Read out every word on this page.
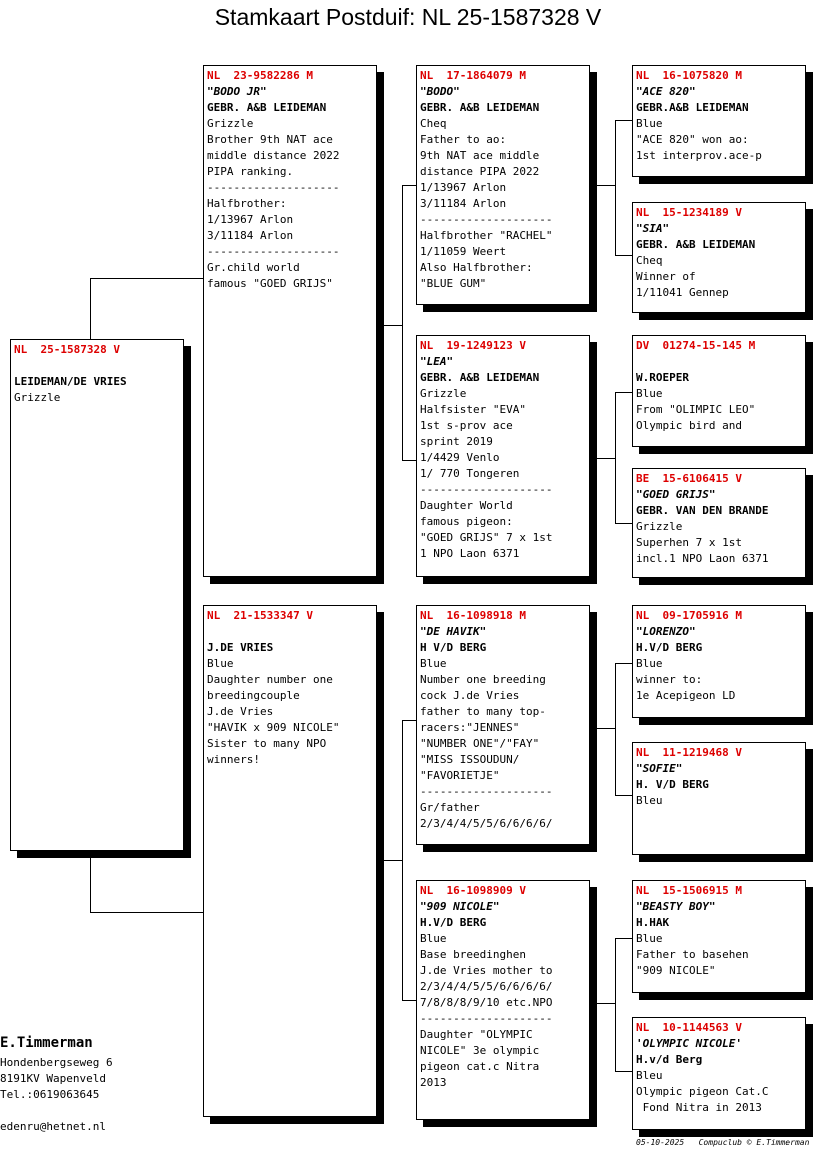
Stamkaart Postduif: NL 25-1587328 V
NL  25-1587328 V

LEIDEMAN/DE VRIES
Grizzle
NL  23-9582286 M
"BODO JR"
GEBR. A&B LEIDEMAN
Grizzle
Brother 9th NAT ace
middle distance 2022
PIPA ranking.
--------------------
Halfbrother:
1/13967 Arlon
3/11184 Arlon
--------------------
Gr.child world
famous "GOED GRIJS"
NL  21-1533347 V

J.DE VRIES
Blue
Daughter number one
breedingcouple
J.de Vries
"HAVIK x 909 NICOLE"
Sister to many NPO
winners!
NL  17-1864079 M
"BODO"
GEBR. A&B LEIDEMAN
Cheq
Father to ao:
9th NAT ace middle
distance PIPA 2022
1/13967 Arlon
3/11184 Arlon
--------------------
Halfbrother "RACHEL"
1/11059 Weert
Also Halfbrother:
"BLUE GUM"
NL  19-1249123 V
"LEA"
GEBR. A&B LEIDEMAN
Grizzle
Halfsister "EVA"
1st s-prov ace
sprint 2019
1/4429 Venlo
1/ 770 Tongeren
--------------------
Daughter World
famous pigeon:
"GOED GRIJS" 7 x 1st
1 NPO Laon 6371
NL  16-1098918 M
"DE HAVIK"
H V/D BERG
Blue
Number one breeding
cock J.de Vries
father to many top-
racers:"JENNES"
"NUMBER ONE"/"FAY"
"MISS ISSOUDUN/
"FAVORIETJE"
--------------------
Gr/father
2/3/4/4/5/5/6/6/6/6/
NL  16-1098909 V
"909 NICOLE"
H.V/D BERG
Blue
Base breedinghen
J.de Vries mother to
2/3/4/4/5/5/6/6/6/6/
7/8/8/8/9/10 etc.NPO
--------------------
Daughter "OLYMPIC
NICOLE" 3e olympic
pigeon cat.c Nitra
2013
NL  16-1075820 M
"ACE 820"
GEBR.A&B LEIDEMAN
Blue
"ACE 820" won ao:
1st interprov.ace-p
NL  15-1234189 V
"SIA"
GEBR. A&B LEIDEMAN
Cheq
Winner of
1/11041 Gennep
DV  01274-15-145 M

W.ROEPER
Blue
From "OLIMPIC LEO"
Olympic bird and
BE  15-6106415 V
"GOED GRIJS"
GEBR. VAN DEN BRANDE
Grizzle
Superhen 7 x 1st
incl.1 NPO Laon 6371
NL  09-1705916 M
"LORENZO"
H.V/D BERG
Blue
winner to:
1e Acepigeon LD
NL  11-1219468 V
"SOFIE"
H. V/D BERG
Bleu
NL  15-1506915 M
"BEASTY BOY"
H.HAK
Blue
Father to basehen
"909 NICOLE"
NL  10-1144563 V
'OLYMPIC NICOLE'
H.v/d Berg
Bleu
Olympic pigeon Cat.C
Fond Nitra in 2013
E.Timmerman
Hondenbergseweg 6
8191KV Wapenveld
Tel.:0619063645
edenru@hetnet.nl
05-10-2025   Compuclub © E.Timmerman
